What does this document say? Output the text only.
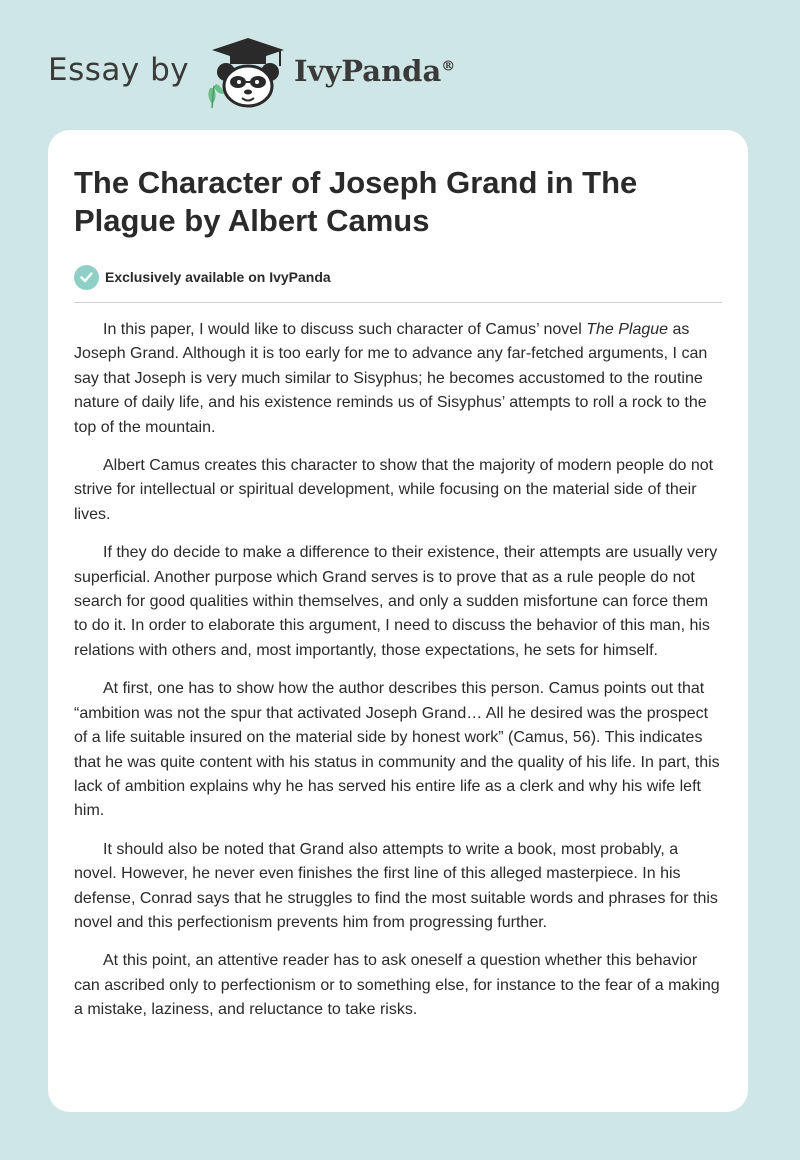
Essay by	IvyPanda®
The Character of Joseph Grand in The Plague by Albert Camus
Exclusively available on IvyPanda

In this paper, I would like to discuss such character of Camus’ novel The Plague as Joseph Grand. Although it is too early for me to advance any far-fetched arguments, I can say that Joseph is very much similar to Sisyphus; he becomes accustomed to the routine nature of daily life, and his existence reminds us of Sisyphus’ attempts to roll a rock to the top of the mountain.

Albert Camus creates this character to show that the majority of modern people do not strive for intellectual or spiritual development, while focusing on the material side of their lives.

If they do decide to make a difference to their existence, their attempts are usually very superficial. Another purpose which Grand serves is to prove that as a rule people do not search for good qualities within themselves, and only a sudden misfortune can force them to do it. In order to elaborate this argument, I need to discuss the behavior of this man, his relations with others and, most importantly, those expectations, he sets for himself.

At first, one has to show how the author describes this person. Camus points out that “ambition was not the spur that activated Joseph Grand… All he desired was the prospect of a life suitable insured on the material side by honest work” (Camus, 56). This indicates that he was quite content with his status in community and the quality of his life. In part, this lack of ambition explains why he has served his entire life as a clerk and why his wife left him.

It should also be noted that Grand also attempts to write a book, most probably, a novel. However, he never even finishes the first line of this alleged masterpiece. In his defense, Conrad says that he struggles to find the most suitable words and phrases for this novel and this perfectionism prevents him from progressing further.

At this point, an attentive reader has to ask oneself a question whether this behavior can ascribed only to perfectionism or to something else, for instance to the fear of a making a mistake, laziness, and reluctance to take risks.
